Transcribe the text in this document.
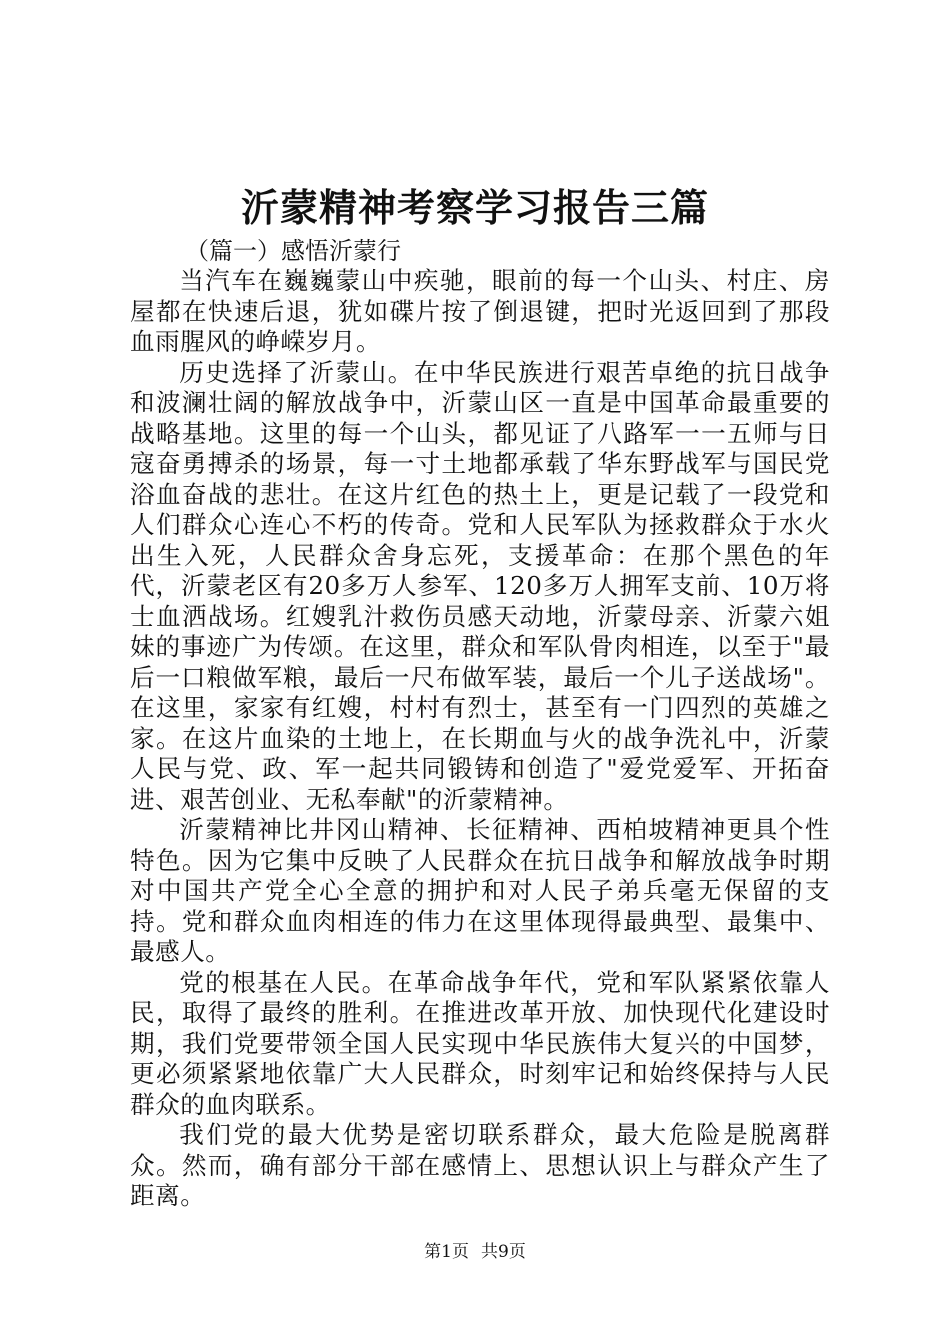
沂蒙精神考察学习报告三篇
（篇一）感悟沂蒙行

当汽车在巍巍蒙山中疾驰，眼前的每一个山头、村庄、房屋都在快速后退，犹如碟片按了倒退键，把时光返回到了那段血雨腥风的峥嵘岁月。

历史选择了沂蒙山。在中华民族进行艰苦卓绝的抗日战争和波澜壮阔的解放战争中，沂蒙山区一直是中国革命最重要的战略基地。这里的每一个山头，都见证了八路军一一五师与日寇奋勇搏杀的场景，每一寸土地都承载了华东野战军与国民党浴血奋战的悲壮。在这片红色的热土上，更是记载了一段党和人们群众心连心不朽的传奇。党和人民军队为拯救群众于水火出生入死，人民群众舍身忘死，支援革命：在那个黑色的年代，沂蒙老区有20多万人参军、120多万人拥军支前、10万将士血洒战场。红嫂乳汁救伤员感天动地，沂蒙母亲、沂蒙六姐妹的事迹广为传颂。在这里，群众和军队骨肉相连，以至于"最后一口粮做军粮，最后一尺布做军装，最后一个儿子送战场"。在这里，家家有红嫂，村村有烈士，甚至有一门四烈的英雄之家。在这片血染的土地上，在长期血与火的战争洗礼中，沂蒙人民与党、政、军一起共同锻铸和创造了"爱党爱军、开拓奋进、艰苦创业、无私奉献"的沂蒙精神。

沂蒙精神比井冈山精神、长征精神、西柏坡精神更具个性特色。因为它集中反映了人民群众在抗日战争和解放战争时期对中国共产党全心全意的拥护和对人民子弟兵毫无保留的支持。党和群众血肉相连的伟力在这里体现得最典型、最集中、最感人。

党的根基在人民。在革命战争年代，党和军队紧紧依靠人民，取得了最终的胜利。在推进改革开放、加快现代化建设时期，我们党要带领全国人民实现中华民族伟大复兴的中国梦，更必须紧紧地依靠广大人民群众，时刻牢记和始终保持与人民群众的血肉联系。

我们党的最大优势是密切联系群众，最大危险是脱离群众。然而，确有部分干部在感情上、思想认识上与群众产生了距离。

第1页 共9页
